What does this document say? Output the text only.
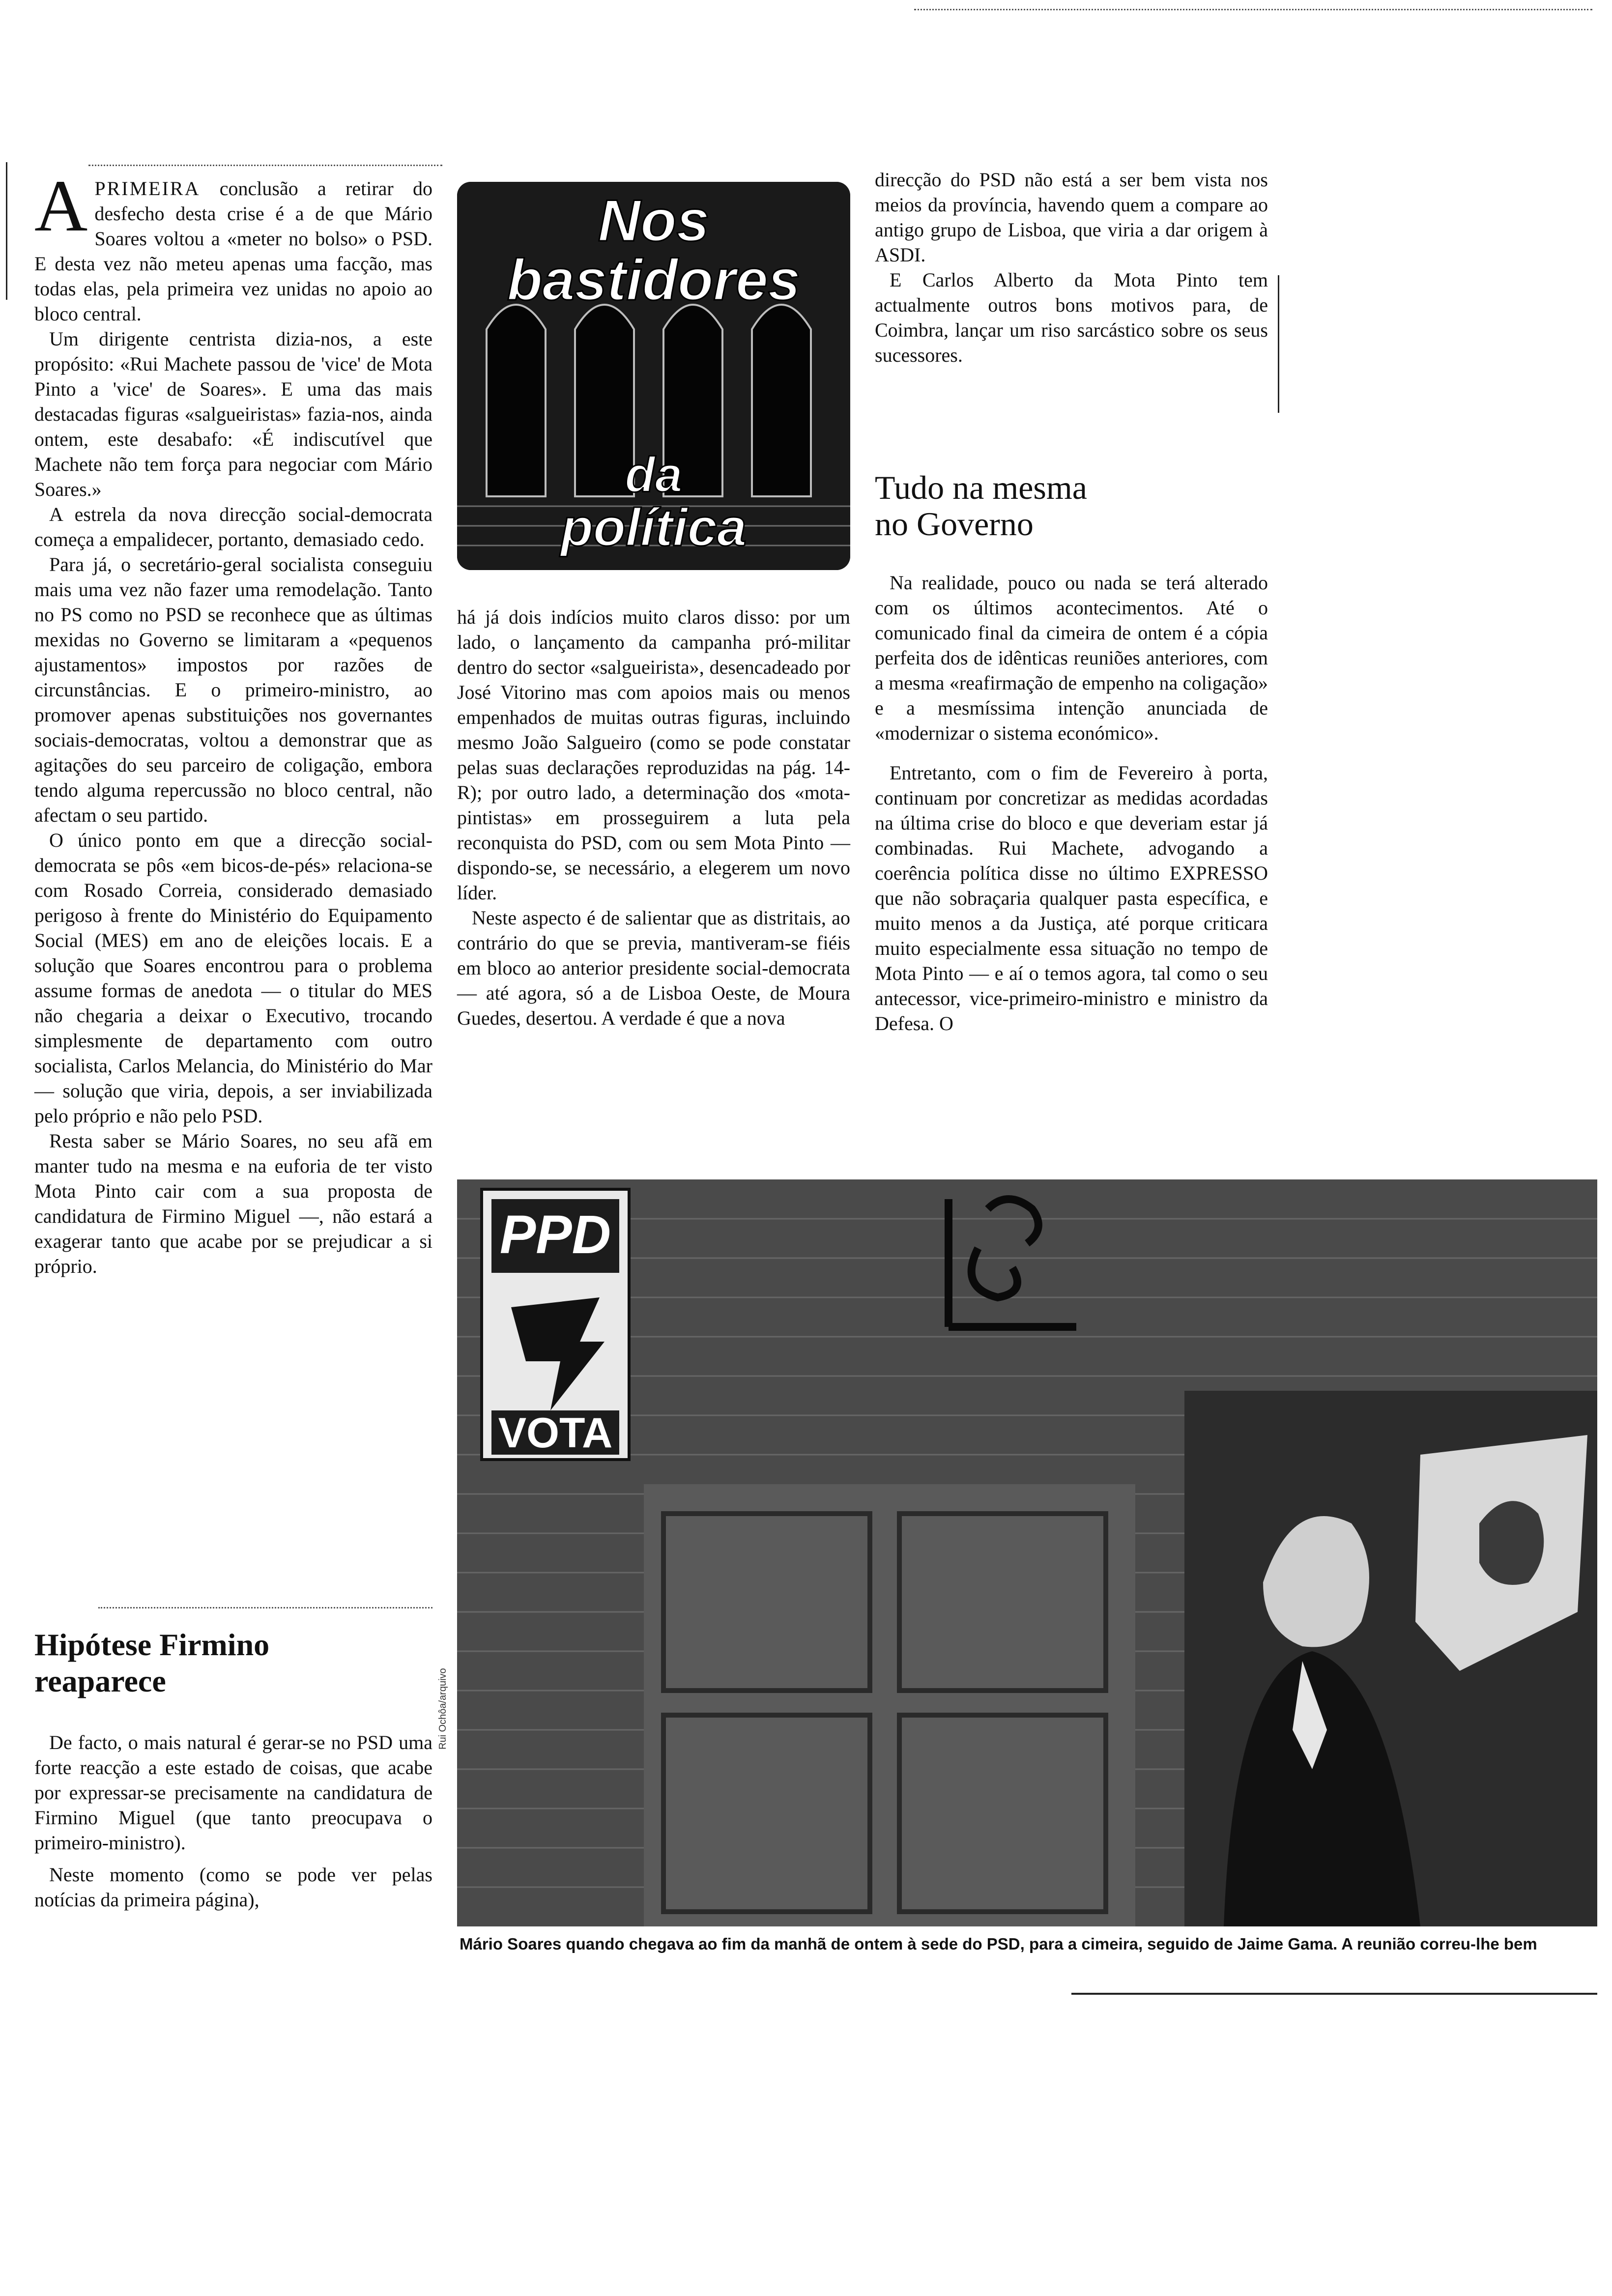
APRIMEIRA conclusão a retirar do desfecho desta crise é a de que Mário Soares voltou a «meter no bolso» o PSD. E desta vez não meteu apenas uma facção, mas todas elas, pela primeira vez unidas no apoio ao bloco central.

Um dirigente centrista dizia-nos, a este propósito: «Rui Machete passou de 'vice' de Mota Pinto a 'vice' de Soares». E uma das mais destacadas figuras «salgueiristas» fazia-nos, ainda ontem, este desabafo: «É indiscutível que Machete não tem força para negociar com Mário Soares.»

A estrela da nova direcção social-democrata começa a empalidecer, portanto, demasiado cedo.

Para já, o secretário-geral socialista conseguiu mais uma vez não fazer uma remodelação. Tanto no PS como no PSD se reconhece que as últimas mexidas no Governo se limitaram a «pequenos ajustamentos» impostos por razões de circunstâncias. E o primeiro-ministro, ao promover apenas substituições nos governantes sociais-democratas, voltou a demonstrar que as agitações do seu parceiro de coligação, embora tendo alguma repercussão no bloco central, não afectam o seu partido.

O único ponto em que a direcção social-democrata se pôs «em bicos-de-pés» relaciona-se com Rosado Correia, considerado demasiado perigoso à frente do Ministério do Equipamento Social (MES) em ano de eleições locais. E a solução que Soares encontrou para o problema assume formas de anedota — o titular do MES não chegaria a deixar o Executivo, trocando simplesmente de departamento com outro socialista, Carlos Melancia, do Ministério do Mar — solução que viria, depois, a ser inviabilizada pelo próprio e não pelo PSD.

Resta saber se Mário Soares, no seu afã em manter tudo na mesma e na euforia de ter visto Mota Pinto cair com a sua proposta de candidatura de Firmino Miguel —, não estará a exagerar tanto que acabe por se prejudicar a si próprio.

Hipótese Firmino
reaparece

De facto, o mais natural é gerar-se no PSD uma forte reacção a este estado de coisas, que acabe por expressar-se precisamente na candidatura de Firmino Miguel (que tanto preocupava o primeiro-ministro).

Neste momento (como se pode ver pelas notícias da primeira página),

Nos
bastidores
da
política

há já dois indícios muito claros disso: por um lado, o lançamento da campanha pró-militar dentro do sector «salgueirista», desencadeado por José Vitorino mas com apoios mais ou menos empenhados de muitas outras figuras, incluindo mesmo João Salgueiro (como se pode constatar pelas suas declarações reproduzidas na pág. 14-R); por outro lado, a determinação dos «mota-pintistas» em prosseguirem a luta pela reconquista do PSD, com ou sem Mota Pinto — dispondo-se, se necessário, a elegerem um novo líder.

Neste aspecto é de salientar que as distritais, ao contrário do que se previa, mantiveram-se fiéis em bloco ao anterior presidente social-democrata — até agora, só a de Lisboa Oeste, de Moura Guedes, desertou. A verdade é que a nova

direcção do PSD não está a ser bem vista nos meios da província, havendo quem a compare ao antigo grupo de Lisboa, que viria a dar origem à ASDI.

E Carlos Alberto da Mota Pinto tem actualmente outros bons motivos para, de Coimbra, lançar um riso sarcástico sobre os seus sucessores.

Tudo na mesma
no Governo

Na realidade, pouco ou nada se terá alterado com os últimos acontecimentos. Até o comunicado final da cimeira de ontem é a cópia perfeita dos de idênticas reuniões anteriores, com a mesma «reafirmação de empenho na coligação» e a mesmíssima intenção anunciada de «modernizar o sistema económico».

Entretanto, com o fim de Fevereiro à porta, continuam por concretizar as medidas acordadas na última crise do bloco e que deveriam estar já combinadas. Rui Machete, advogando a coerência política disse no último EXPRESSO que não sobraçaria qualquer pasta específica, e muito menos a da Justiça, até porque criticara muito especialmente essa situação no tempo de Mota Pinto — e aí o temos agora, tal como o seu antecessor, vice-primeiro-ministro e ministro da Defesa. O

PPD
VOTA
Rui Ochôa/arquivo
Mário Soares quando chegava ao fim da manhã de ontem à sede do PSD, para a cimeira, seguido de Jaime Gama. A reunião correu-lhe bem
